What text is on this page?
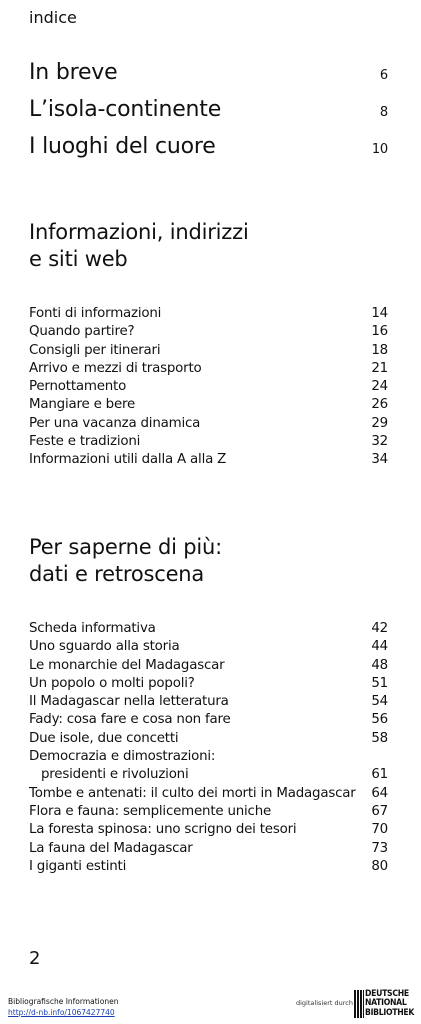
indice
In breve	6
L’isola-continente	8
I luoghi del cuore	10
Informazioni, indirizzi
e siti web
Fonti di informazioni	14
Quando partire?	16
Consigli per itinerari	18
Arrivo e mezzi di trasporto	21
Pernottamento	24
Mangiare e bere	26
Per una vacanza dinamica	29
Feste e tradizioni	32
Informazioni utili dalla A alla Z	34
Per saperne di più:
dati e retroscena
Scheda informativa	42
Uno sguardo alla storia	44
Le monarchie del Madagascar	48
Un popolo o molti popoli?	51
Il Madagascar nella letteratura	54
Fady: cosa fare e cosa non fare	56
Due isole, due concetti	58
Democrazia e dimostrazioni:
presidenti e rivoluzioni	61
Tombe e antenati: il culto dei morti in Madagascar 64
Flora e fauna: semplicemente uniche	67
La foresta spinosa: uno scrigno dei tesori	70
La fauna del Madagascar	73
I giganti estinti	80
2
Bibliografische Informationen
http://d-nb.info/1067427740
digitalisiert durch
DEUTSCHE
NATIONAL
BIBLIOTHEK
